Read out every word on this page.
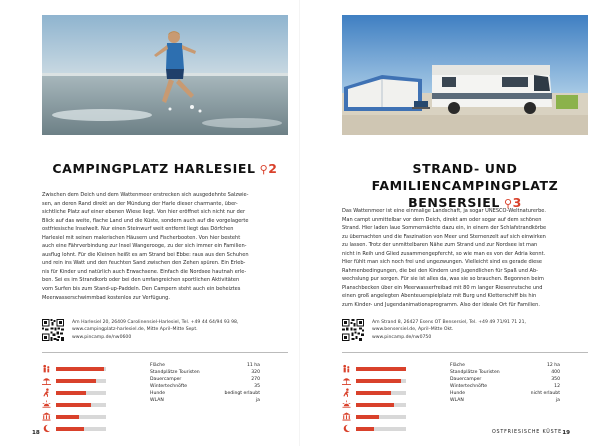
CAMPINGPLATZ HARLESIEL ⚲2
Zwischen dem Deich und dem Wattenmeer erstrecken sich ausgedehnte Salzwie-
sen, an deren Rand direkt an der Mündung der Harle dieser charmante, über-
sichtliche Platz auf einer ebenen Wiese liegt. Von hier eröffnet sich nicht nur der
Blick auf das weite, flache Land und die Küste, sondern auch auf die vorgelagerte
ostfriesische Inselwelt. Nur einen Steinwurf weit entfernt liegt das Dörfchen
Harlesiel mit seinen malerischen Häusern und Fischerbooten. Von hier besteht
auch eine Fährverbindung zur Insel Wangerooge, zu der sich immer ein Familien-
ausflug lohnt. Für die Kleinen heißt es am Strand bei Ebbe: raus aus den Schuhen
und rein ins Watt und den feuchten Sand zwischen den Zehen spüren. Ein Erleb-
nis für Kinder und natürlich auch Erwachsene. Einfach die Nordsee hautnah erle-
ben. Sei es im Strandkorb oder bei den umfangreichen sportlichen Aktivitäten
vom Surfen bis zum Stand-up-Paddeln. Den Campern steht auch ein beheiztes
Meerwasserschwimmbad kostenlos zur Verfügung.
Am Harlesiel 20, 26409 Carolinensiel-Harlesiel, Tel. +49 44 64/94 93 98,
www.campingplatz-harlesiel.de, Mitte April–Mitte Sept.
www.pincamp.de/nw0600
Fläche	11 ha
Standplätze Touristen	320
Dauercamper	270
Wintertechnöfte	35
Hunde	bedingt erlaubt
WLAN	ja
18
STRAND- UND FAMILIENCAMPINGPLATZ
BENSERSIEL ⚲3
Das Wattenmeer ist eine einmalige Landschaft, ja sogar UNESCO-Weltnaturerbe.
Man campt unmittelbar vor dem Deich, direkt am oder sogar auf dem schönen
Strand. Hier laden laue Sommernächte dazu ein, in einem der Schlafstrandkörbe
zu übernachten und die Faszination von Meer und Sternenzelt auf sich einwirken
zu lassen. Trotz der unmittelbaren Nähe zum Strand und zur Nordsee ist man
nicht in Reih und Glied zusammengepfercht, so wie man es von der Adria kennt.
Hier fühlt man sich noch frei und ungezwungen. Vielleicht sind es gerade diese
Rahmenbedingungen, die bei den Kindern und Jugendlichen für Spaß und Ab-
wechslung pur sorgen. Für sie ist alles da, was sie so brauchen. Begonnen beim
Planschbecken über ein Meerwasserfreibad mit 80 m langer Riesenrutsche und
einen groß angelegten Abenteuerspielplatz mit Burg und Kletterschiff bis hin
zum Kinder- und Jugendanimationsprogramm. Also der ideale Ort für Familien.
Am Strand 8, 26427 Esens OT Bensersiel, Tel. +49 49 71/91 71 21,
www.bensersiel.de, April–Mitte Okt.
www.pincamp.de/nw0750
Fläche	12 ha
Standplätze Touristen	400
Dauercamper	350
Wintertechnöfte	12
Hunde	nicht erlaubt
WLAN	ja
OSTFRIESISCHE KÜSTE 19
